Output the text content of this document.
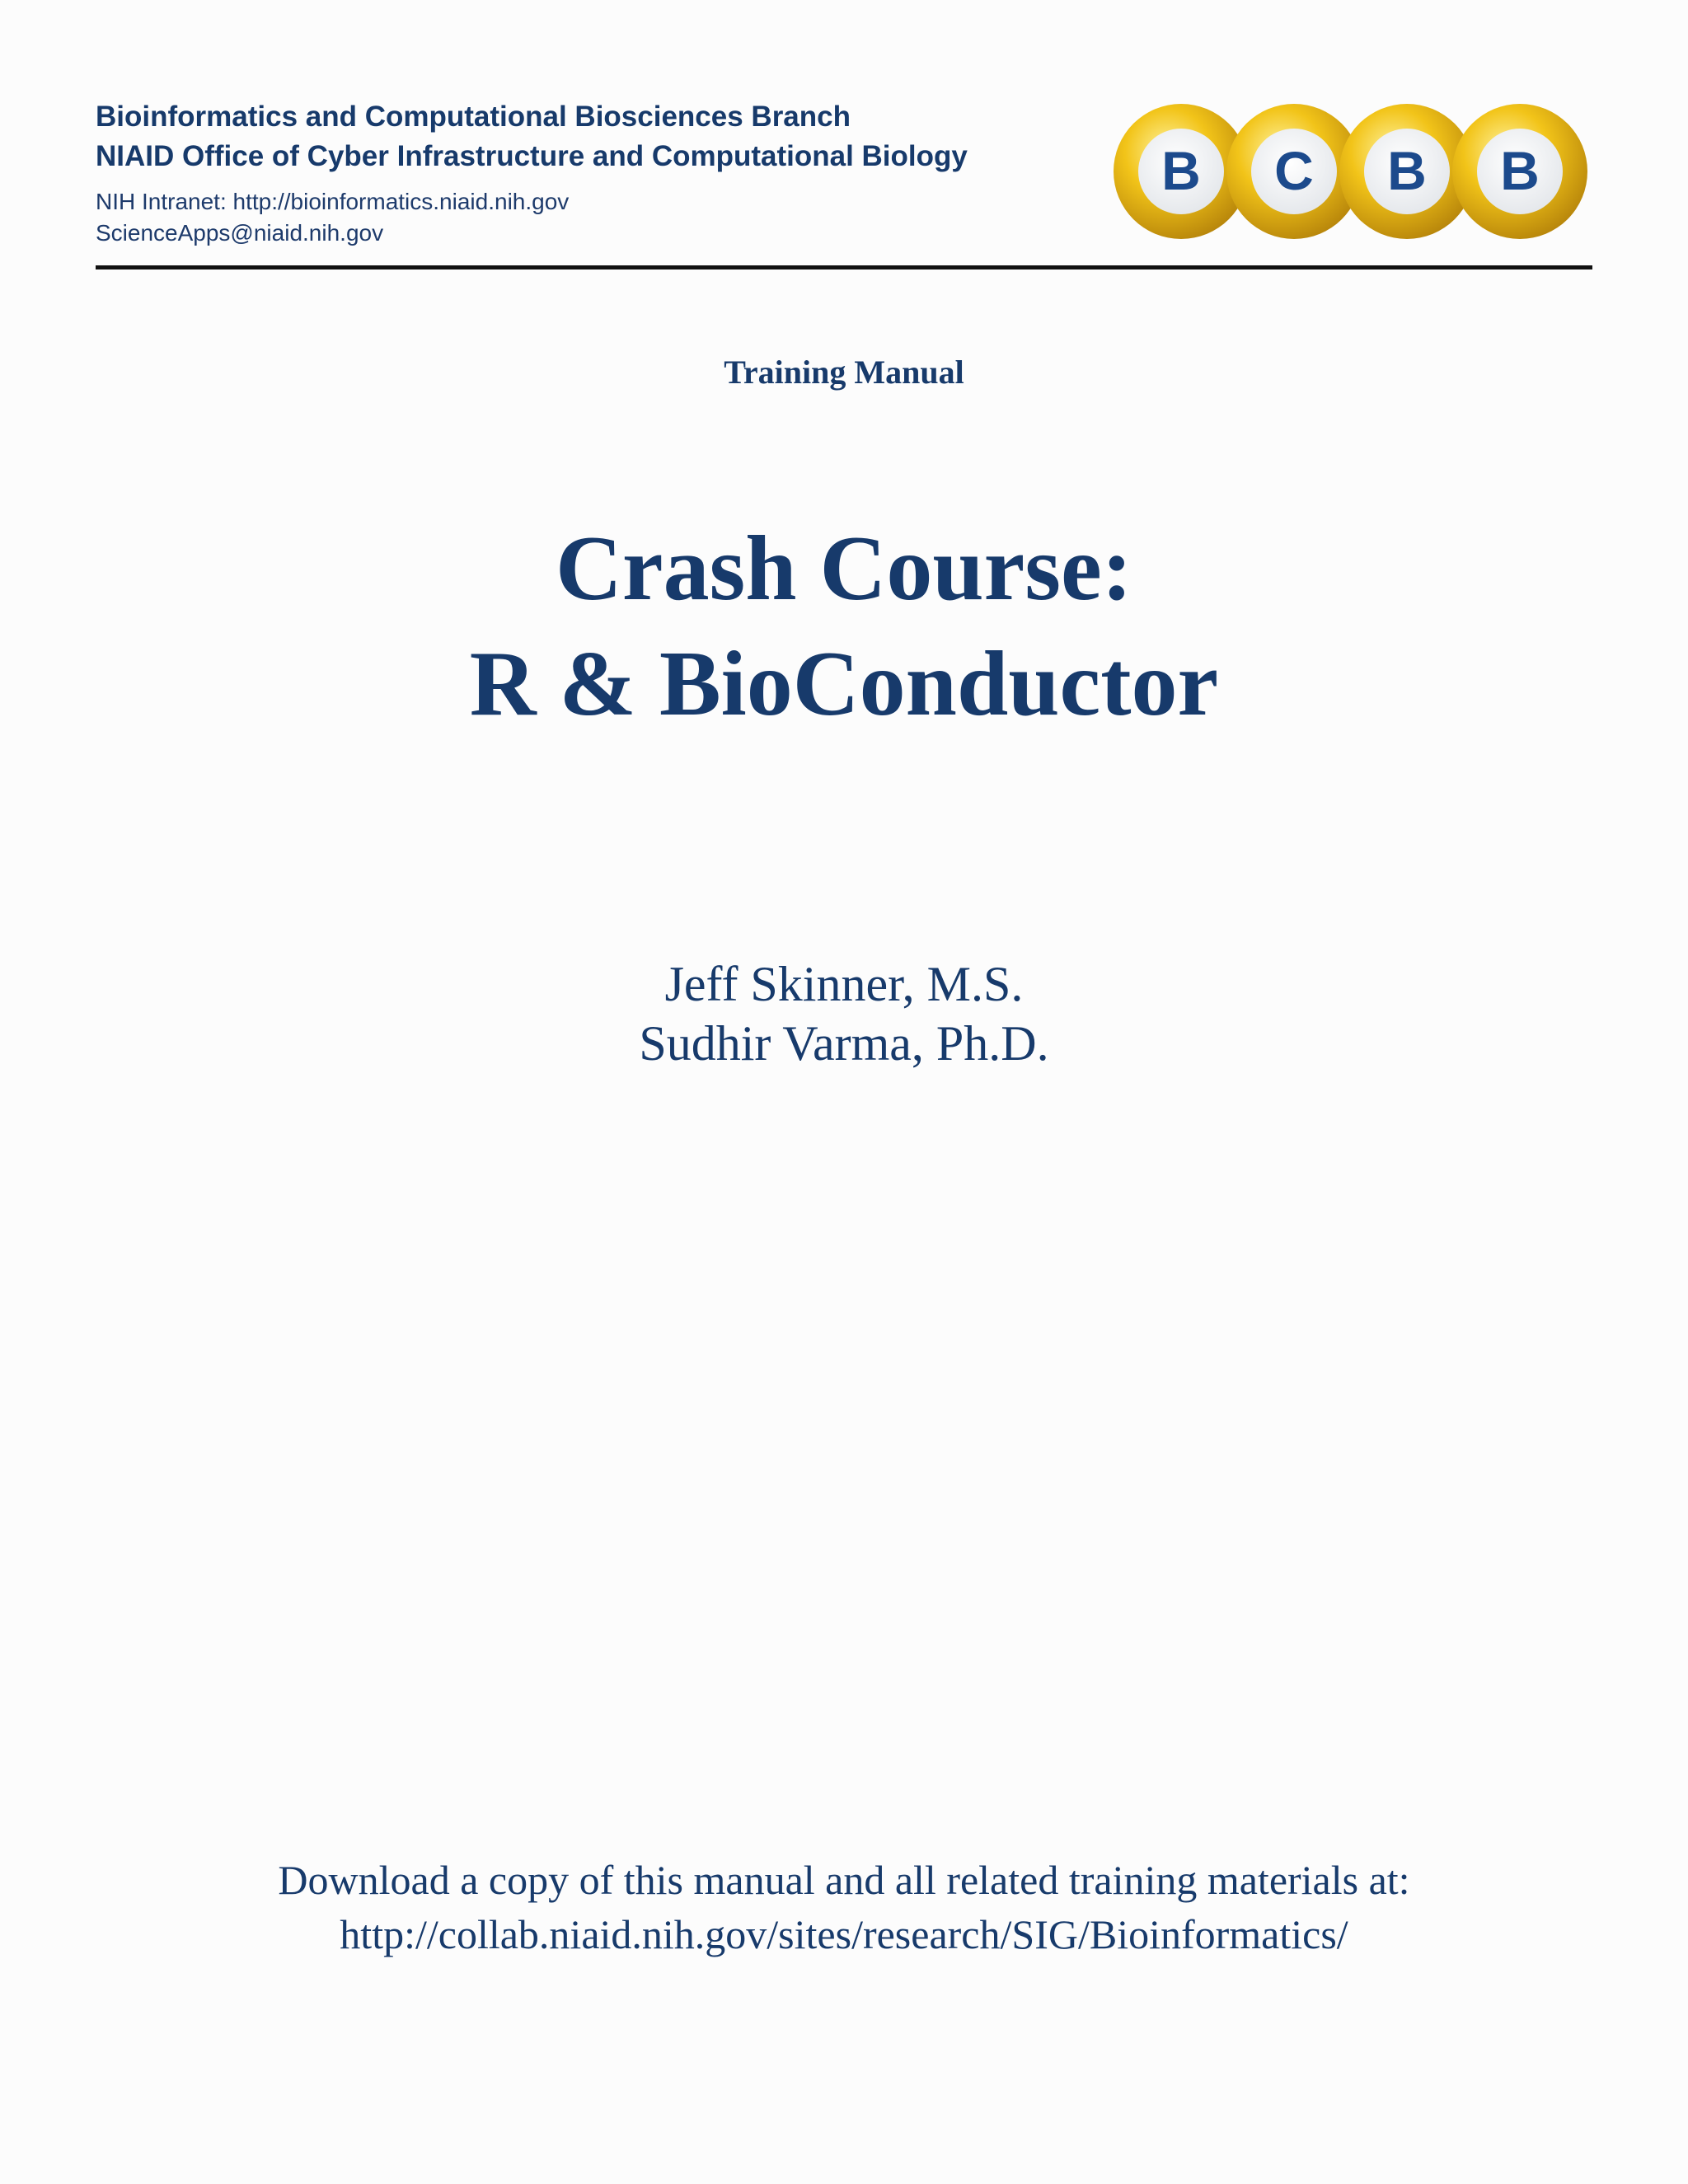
Bioinformatics and Computational Biosciences Branch
NIAID Office of Cyber Infrastructure and Computational Biology
NIH Intranet: http://bioinformatics.niaid.nih.gov
ScienceApps@niaid.nih.gov
B C B B
Training Manual
Crash Course:
R & BioConductor
Jeff Skinner, M.S.
Sudhir Varma, Ph.D.
Download a copy of this manual and all related training materials at:
http://collab.niaid.nih.gov/sites/research/SIG/Bioinformatics/
